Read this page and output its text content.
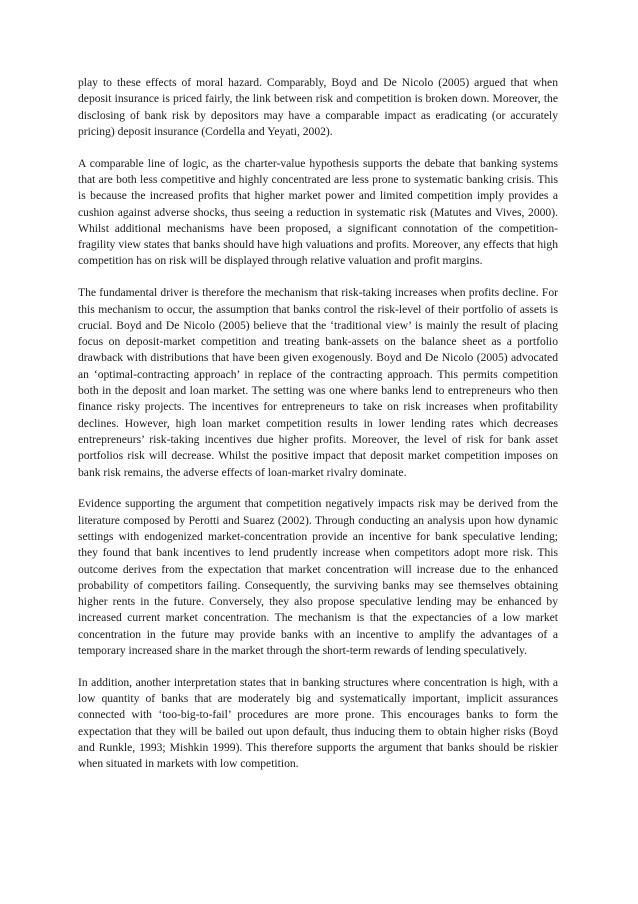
play to these effects of moral hazard. Comparably, Boyd and De Nicolo (2005) argued that when deposit insurance is priced fairly, the link between risk and competition is broken down. Moreover, the disclosing of bank risk by depositors may have a comparable impact as eradicating (or accurately pricing) deposit insurance (Cordella and Yeyati, 2002).

A comparable line of logic, as the charter-value hypothesis supports the debate that banking systems that are both less competitive and highly concentrated are less prone to systematic banking crisis. This is because the increased profits that higher market power and limited competition imply provides a cushion against adverse shocks, thus seeing a reduction in systematic risk (Matutes and Vives, 2000). Whilst additional mechanisms have been proposed, a significant connotation of the competition-fragility view states that banks should have high valuations and profits. Moreover, any effects that high competition has on risk will be displayed through relative valuation and profit margins.

The fundamental driver is therefore the mechanism that risk-taking increases when profits decline. For this mechanism to occur, the assumption that banks control the risk-level of their portfolio of assets is crucial. Boyd and De Nicolo (2005) believe that the ‘traditional view’ is mainly the result of placing focus on deposit-market competition and treating bank-assets on the balance sheet as a portfolio drawback with distributions that have been given exogenously. Boyd and De Nicolo (2005) advocated an ‘optimal-contracting approach’ in replace of the contracting approach. This permits competition both in the deposit and loan market. The setting was one where banks lend to entrepreneurs who then finance risky projects. The incentives for entrepreneurs to take on risk increases when profitability declines. However, high loan market competition results in lower lending rates which decreases entrepreneurs’ risk-taking incentives due higher profits. Moreover, the level of risk for bank asset portfolios risk will decrease. Whilst the positive impact that deposit market competition imposes on bank risk remains, the adverse effects of loan-market rivalry dominate.

Evidence supporting the argument that competition negatively impacts risk may be derived from the literature composed by Perotti and Suarez (2002). Through conducting an analysis upon how dynamic settings with endogenized market-concentration provide an incentive for bank speculative lending; they found that bank incentives to lend prudently increase when competitors adopt more risk. This outcome derives from the expectation that market concentration will increase due to the enhanced probability of competitors failing. Consequently, the surviving banks may see themselves obtaining higher rents in the future. Conversely, they also propose speculative lending may be enhanced by increased current market concentration. The mechanism is that the expectancies of a low market concentration in the future may provide banks with an incentive to amplify the advantages of a temporary increased share in the market through the short-term rewards of lending speculatively.

In addition, another interpretation states that in banking structures where concentration is high, with a low quantity of banks that are moderately big and systematically important, implicit assurances connected with ‘too-big-to-fail’ procedures are more prone. This encourages banks to form the expectation that they will be bailed out upon default, thus inducing them to obtain higher risks (Boyd and Runkle, 1993; Mishkin 1999). This therefore supports the argument that banks should be riskier when situated in markets with low competition.
